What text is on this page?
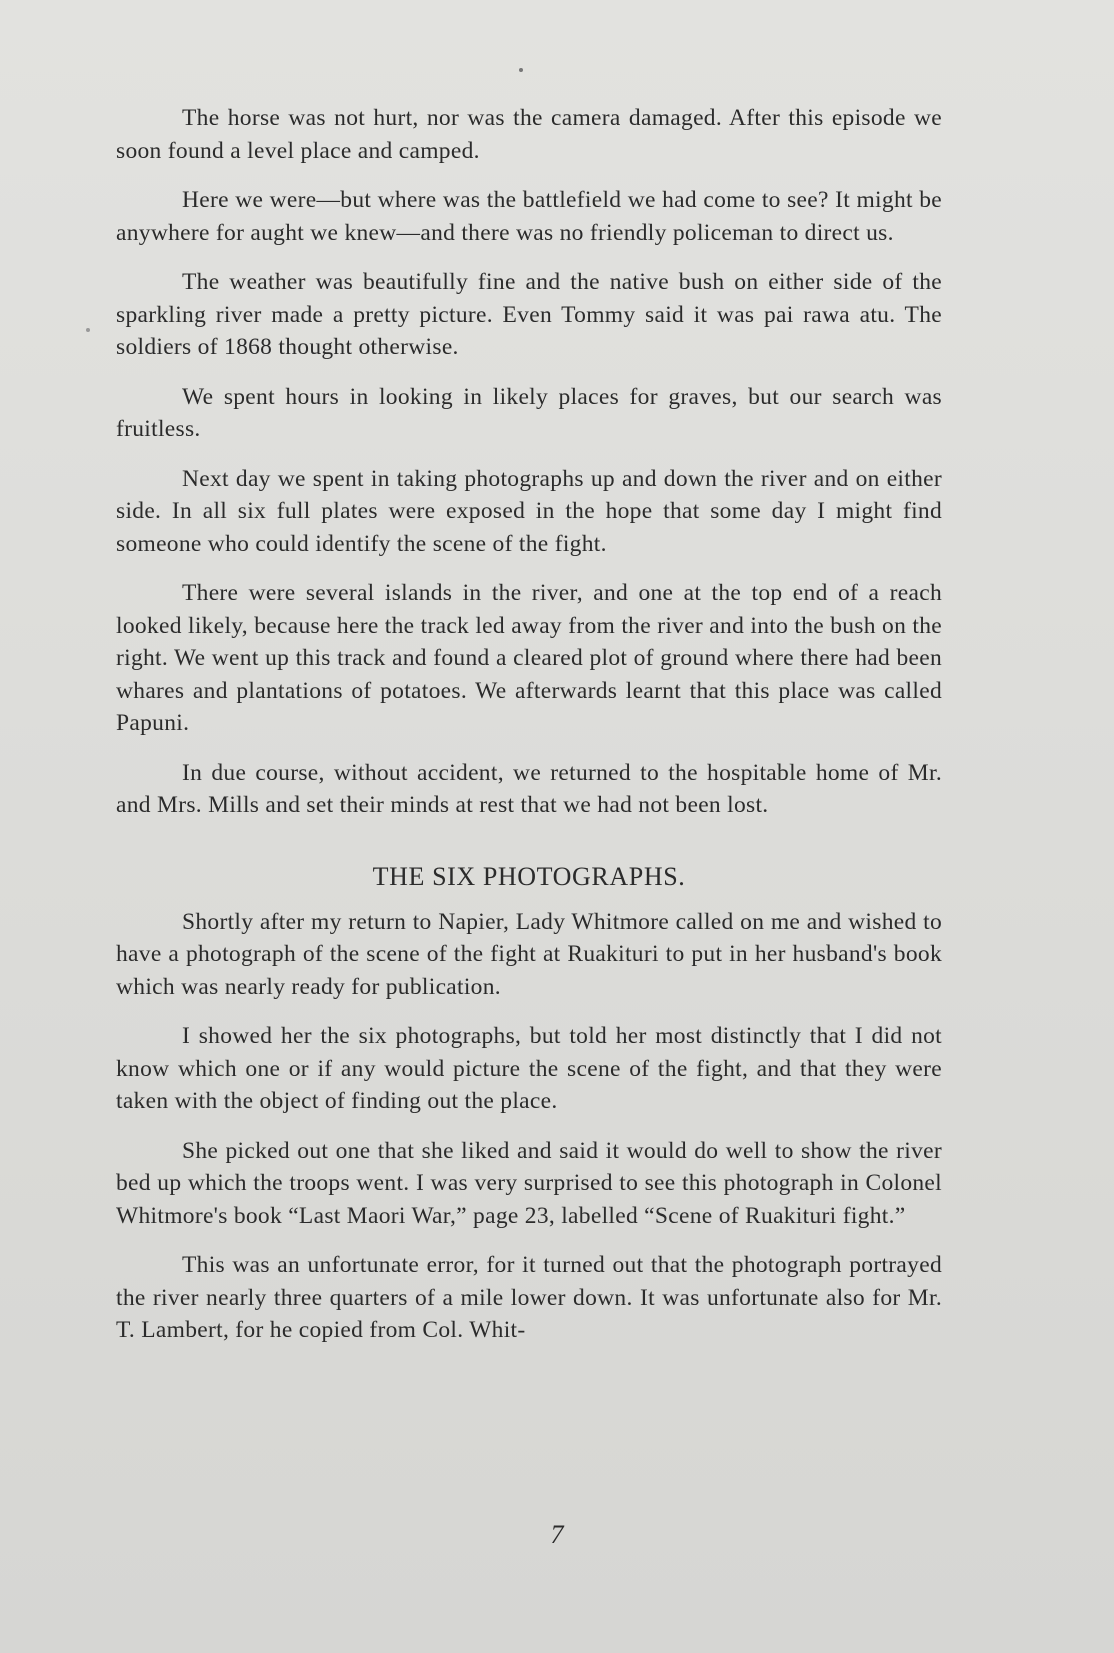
The horse was not hurt, nor was the camera damaged. After this episode we soon found a level place and camped.

Here we were—but where was the battlefield we had come to see? It might be anywhere for aught we knew—and there was no friendly policeman to direct us.

The weather was beautifully fine and the native bush on either side of the sparkling river made a pretty picture. Even Tommy said it was pai rawa atu. The soldiers of 1868 thought otherwise.

We spent hours in looking in likely places for graves, but our search was fruitless.

Next day we spent in taking photographs up and down the river and on either side. In all six full plates were exposed in the hope that some day I might find someone who could identify the scene of the fight.

There were several islands in the river, and one at the top end of a reach looked likely, because here the track led away from the river and into the bush on the right. We went up this track and found a cleared plot of ground where there had been whares and plantations of potatoes. We afterwards learnt that this place was called Papuni.

In due course, without accident, we returned to the hospitable home of Mr. and Mrs. Mills and set their minds at rest that we had not been lost.

THE SIX PHOTOGRAPHS.

Shortly after my return to Napier, Lady Whitmore called on me and wished to have a photograph of the scene of the fight at Ruakituri to put in her husband's book which was nearly ready for publication.

I showed her the six photographs, but told her most distinctly that I did not know which one or if any would picture the scene of the fight, and that they were taken with the object of finding out the place.

She picked out one that she liked and said it would do well to show the river bed up which the troops went. I was very surprised to see this photograph in Colonel Whitmore's book “Last Maori War,” page 23, labelled “Scene of Ruakituri fight.”

This was an unfortunate error, for it turned out that the photograph portrayed the river nearly three quarters of a mile lower down. It was unfortunate also for Mr. T. Lambert, for he copied from Col. Whit-

7
